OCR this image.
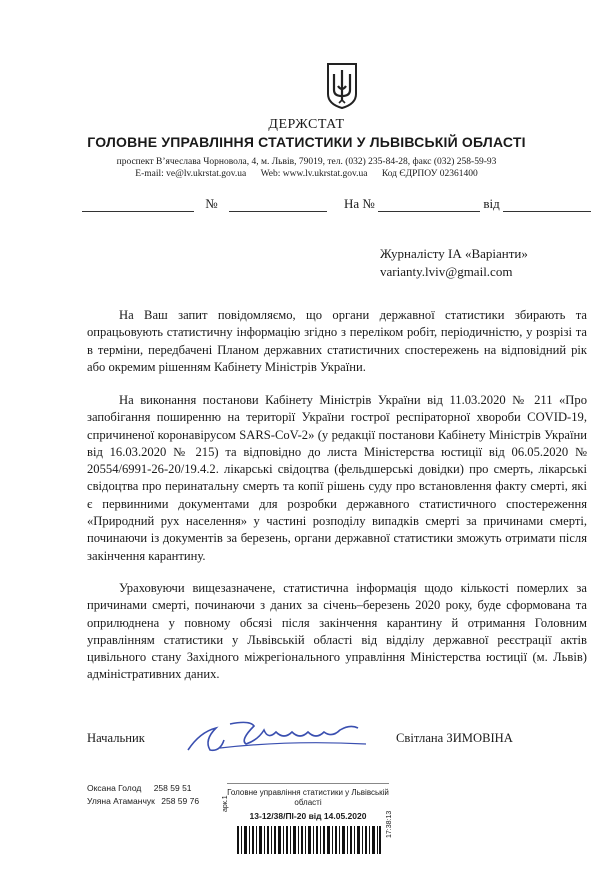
ДЕРЖСТАТ
ГОЛОВНЕ УПРАВЛІННЯ СТАТИСТИКИ У ЛЬВІВСЬКІЙ ОБЛАСТІ
проспект В’ячеслава Чорновола, 4, м. Львів, 79019, тел. (032) 235-84-28, факс (032) 258-59-93
E-mail: ve@lv.ukrstat.gov.ua Web: www.lv.ukrstat.gov.ua Код ЄДРПОУ 02361400
№	На №	від
Журналісту ІА «Варіанти»
varianty.lviv@gmail.com

На Ваш запит повідомляємо, що органи державної статистики збирають та опрацьовують статистичну інформацію згідно з переліком робіт, періодичністю, у розрізі та в терміни, передбачені Планом державних статистичних спостережень на відповідний рік або окремим рішенням Кабінету Міністрів України.

На виконання постанови Кабінету Міністрів України від 11.03.2020 № 211 «Про запобігання поширенню на території України гострої респіраторної хвороби COVID-19, спричиненої коронавірусом SARS-CoV-2» (у редакції постанови Кабінету Міністрів України від 16.03.2020 № 215) та відповідно до листа Міністерства юстиції від 06.05.2020 № 20554/6991-26-20/19.4.2. лікарські свідоцтва (фельдшерські довідки) про смерть, лікарські свідоцтва про перинатальну смерть та копії рішень суду про встановлення факту смерті, які є первинними документами для розробки державного статистичного спостереження «Природний рух населення» у частині розподілу випадків смерті за причинами смерті, починаючи із документів за березень, органи державної статистики зможуть отримати після закінчення карантину.

Ураховуючи вищезазначене, статистична інформація щодо кількості померлих за причинами смерті, починаючи з даних за січень–березень 2020 року, буде сформована та оприлюднена у повному обсязі після закінчення карантину й отримання Головним управлінням статистики у Львівській області від відділу державної реєстрації актів цивільного стану Західного міжрегіонального управління Міністерства юстиції (м. Львів) адміністративних даних.

Начальник	Світлана ЗИМОВІНА
Оксана Голод 258 59 51
Уляна Атаманчук 258 59 76
Головне управління статистики у Львівській області
13-12/38/ПІ-20 від 14.05.2020
арк.1
17:38:13
